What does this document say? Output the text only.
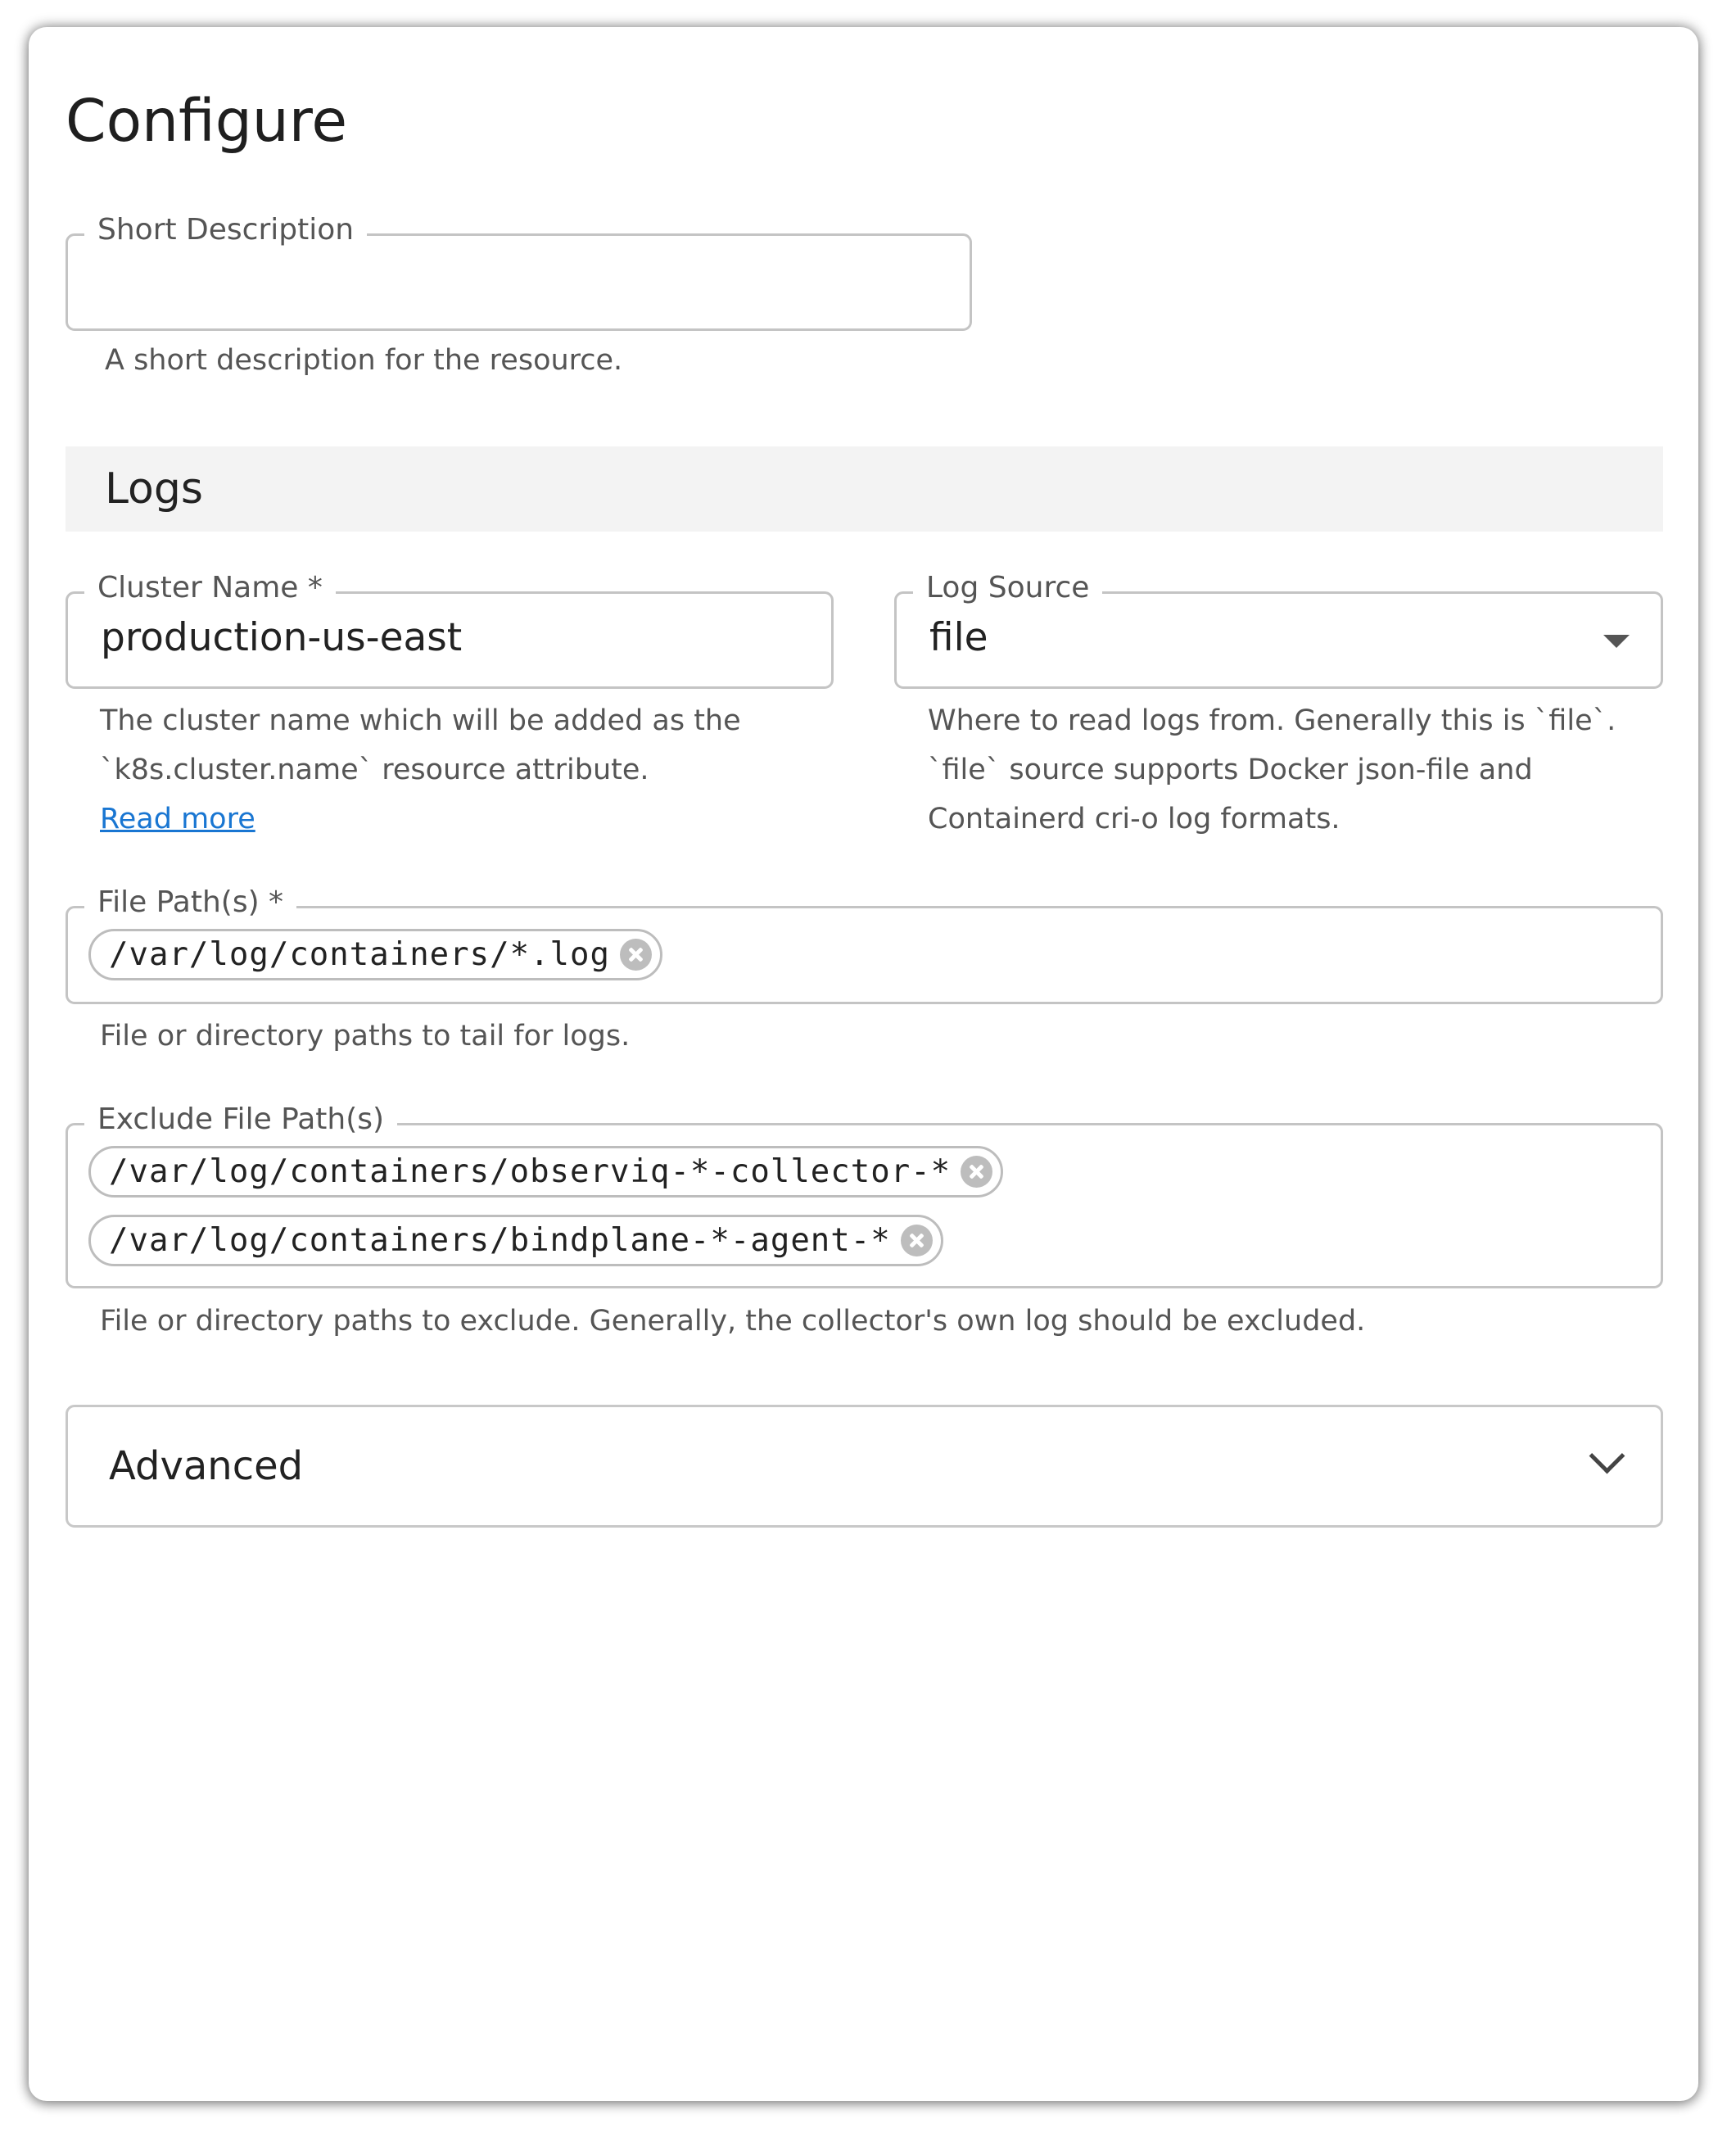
Configure
Short Description
A short description for the resource.
Logs
Cluster Name *
production-us-east
The cluster name which will be added as the
`k8s.cluster.name` resource attribute.
Read more
Log Source
file
Where to read logs from. Generally this is `file`.
`file` source supports Docker json-file and
Containerd cri-o log formats.
File Path(s) *
/var/log/containers/*.log
File or directory paths to tail for logs.
Exclude File Path(s)
/var/log/containers/observiq-*-collector-*
/var/log/containers/bindplane-*-agent-*
File or directory paths to exclude. Generally, the collector's own log should be excluded.
Advanced
